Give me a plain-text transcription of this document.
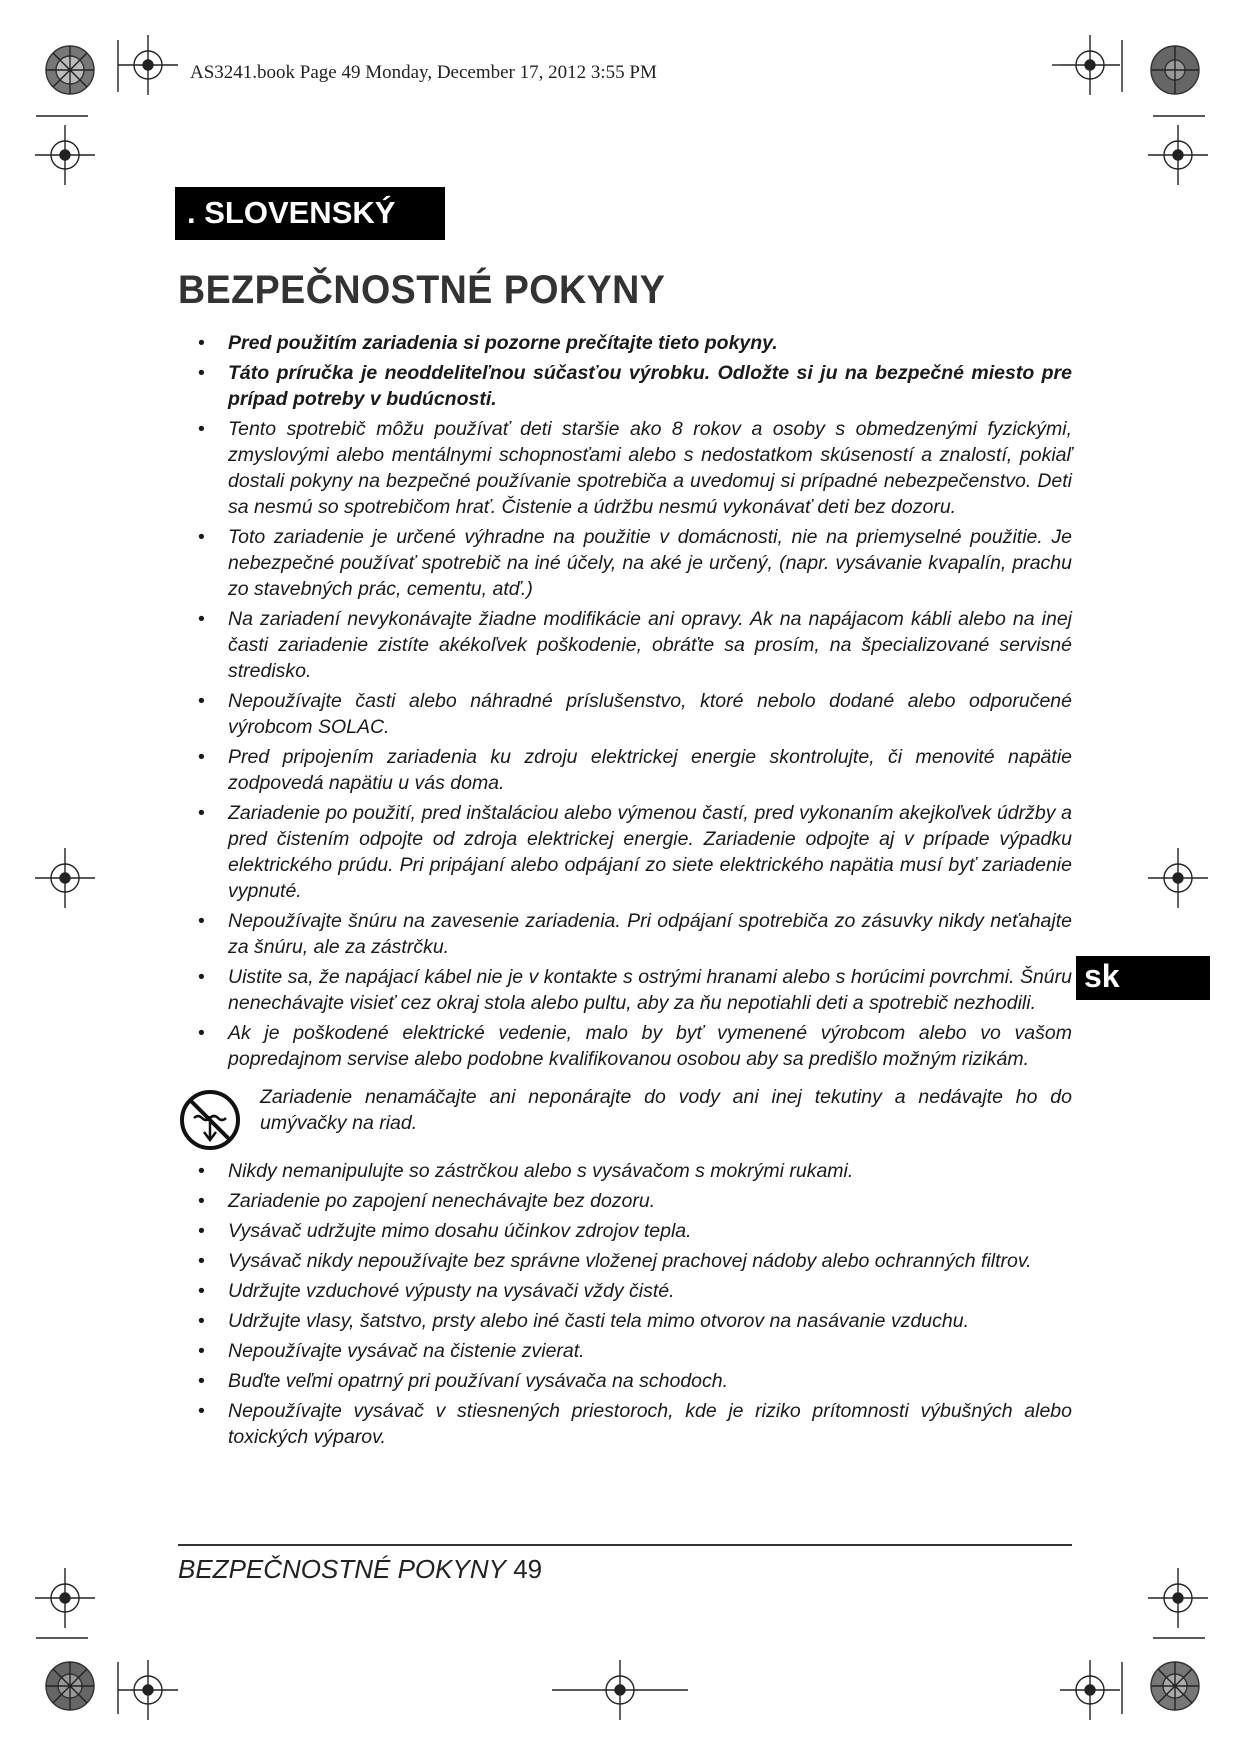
AS3241.book Page 49 Monday, December 17, 2012 3:55 PM
. SLOVENSKÝ
BEZPEČNOSTNÉ POKYNY
• Pred použitím zariadenia si pozorne prečítajte tieto pokyny.
• Táto príručka je neoddeliteľnou súčasťou výrobku. Odložte si ju na bezpečné miesto pre prípad potreby v budúcnosti.
• Tento spotrebič môžu používať deti staršie ako 8 rokov a osoby s obmedzenými fyzickými, zmyslovými alebo mentálnymi schopnosťami alebo s nedostatkom skúseností a znalostí, pokiaľ dostali pokyny na bezpečné používanie spotrebiča a uvedomuj si prípadné nebezpečenstvo. Deti sa nesmú so spotrebičom hrať. Čistenie a údržbu nesmú vykonávať deti bez dozoru.
• Toto zariadenie je určené výhradne na použitie v domácnosti, nie na priemyselné použitie. Je nebezpečné používať spotrebič na iné účely, na aké je určený, (napr. vysávanie kvapalín, prachu zo stavebných prác, cementu, atď.)
• Na zariadení nevykonávajte žiadne modifikácie ani opravy. Ak na napájacom kábli alebo na inej časti zariadenie zistíte akékoľvek poškodenie, obráťte sa prosím, na špecializované servisné stredisko.
• Nepoužívajte časti alebo náhradné príslušenstvo, ktoré nebolo dodané alebo odporučené výrobcom SOLAC.
• Pred pripojením zariadenia ku zdroju elektrickej energie skontrolujte, či menovité napätie zodpovedá napätiu u vás doma.
• Zariadenie po použití, pred inštaláciou alebo výmenou častí, pred vykonaním akejkoľvek údržby a pred čistením odpojte od zdroja elektrickej energie. Zariadenie odpojte aj v prípade výpadku elektrického prúdu. Pri pripájaní alebo odpájaní zo siete elektrického napätia musí byť zariadenie vypnuté.
• Nepoužívajte šnúru na zavesenie zariadenia. Pri odpájaní spotrebiča zo zásuvky nikdy neťahajte za šnúru, ale za zástrčku.
• Uistite sa, že napájací kábel nie je v kontakte s ostrými hranami alebo s horúcimi povrchmi. Šnúru nenechávajte visieť cez okraj stola alebo pultu, aby za ňu nepotiahli deti a spotrebič nezhodili.
• Ak je poškodené elektrické vedenie, malo by byť vymenené výrobcom alebo vo vašom popredajnom servise alebo podobne kvalifikovanou osobou aby sa predišlo možným rizikám.
Zariadenie nenamáčajte ani neponárajte do vody ani inej tekutiny a nedávajte ho do umývačky na riad.
• Nikdy nemanipulujte so zástrčkou alebo s vysávačom s mokrými rukami.
• Zariadenie po zapojení nenechávajte bez dozoru.
• Vysávač udržujte mimo dosahu účinkov zdrojov tepla.
• Vysávač nikdy nepoužívajte bez správne vloženej prachovej nádoby alebo ochranných filtrov.
• Udržujte vzduchové výpusty na vysávači vždy čisté.
• Udržujte vlasy, šatstvo, prsty alebo iné časti tela mimo otvorov na nasávanie vzduchu.
• Nepoužívajte vysávač na čistenie zvierat.
• Buďte veľmi opatrný pri používaní vysávača na schodoch.
• Nepoužívajte vysávač v stiesnených priestoroch, kde je riziko prítomnosti výbušných alebo toxických výparov.
sk
BEZPEČNOSTNÉ POKYNY 49
